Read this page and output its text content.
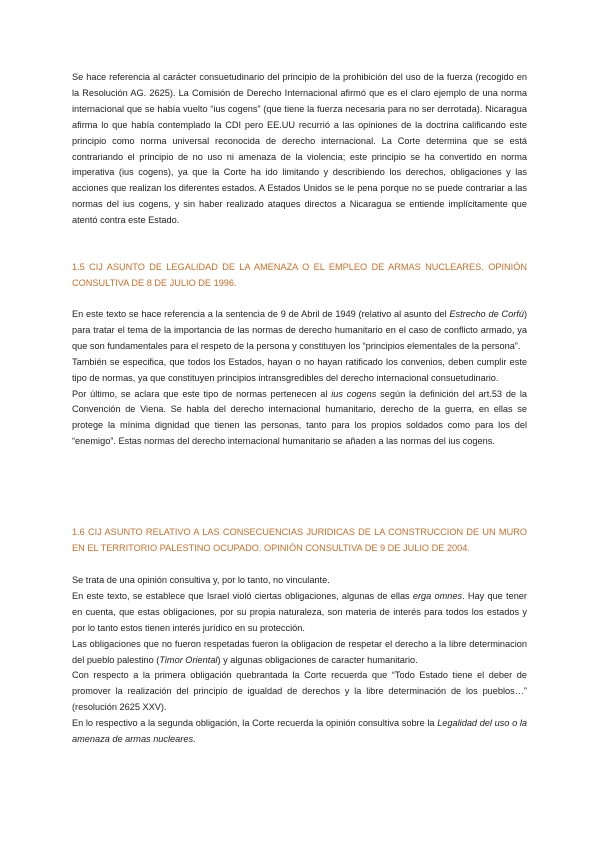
Se hace referencia al carácter consuetudinario del principio de la prohibición del uso de la fuerza (recogido en la Resolución AG. 2625). La Comisión de Derecho Internacional afirmó que es el claro ejemplo de una norma internacional que se había vuelto “ius cogens” (que tiene la fuerza necesaria para no ser derrotada). Nicaragua afirma lo que había contemplado la CDI pero EE.UU recurrió a las opiniones de la doctrina calificando este principio como norma universal reconocida de derecho internacional. La Corte determina que se está contrariando el principio de no uso ni amenaza de la violencia; este principio se ha convertido en norma imperativa (ius cogens), ya que la Corte ha ido limitando y describiendo los derechos, obligaciones y las acciones que realizan los diferentes estados. A Estados Unidos se le pena porque no se puede contrariar a las normas del ius cogens, y sin haber realizado ataques directos a Nicaragua se entiende implícitamente que atentó contra este Estado.

1.5 CIJ ASUNTO DE LEGALIDAD DE LA AMENAZA O EL EMPLEO DE ARMAS NUCLEARES. OPINIÓN CONSULTIVA DE 8 DE JULIO DE 1996.

En este texto se hace referencia a la sentencia de 9 de Abril de 1949 (relativo al asunto del Estrecho de Corfú) para tratar el tema de la importancia de las normas de derecho humanitario en el caso de conflicto armado, ya que son fundamentales para el respeto de la persona y constituyen los “principios elementales de la persona”.

También se especifica, que todos los Estados, hayan o no hayan ratificado los convenios, deben cumplir este tipo de normas, ya que constituyen principios intransgredibles del derecho internacional consuetudinario.

Por último, se aclara que este tipo de normas pertenecen al ius cogens según la definición del art.53 de la Convención de Viena. Se habla del derecho internacional humanitario, derecho de la guerra, en ellas se protege la mínima dignidad que tienen las personas, tanto para los propios soldados como para los del “enemigo”. Estas normas del derecho internacional humanitario se añaden a las normas del ius cogens.

1.6 CIJ ASUNTO RELATIVO A LAS CONSECUENCIAS JURIDICAS DE LA CONSTRUCCION DE UN MURO EN EL TERRITORIO PALESTINO OCUPADO. OPINIÓN CONSULTIVA DE 9 DE JULIO DE 2004.

Se trata de una opinión consultiva y, por lo tanto, no vinculante.

En este texto, se establece que Israel violó ciertas obligaciones, algunas de ellas erga omnes. Hay que tener en cuenta, que estas obligaciones, por su propia naturaleza, son materia de interés para todos los estados y por lo tanto estos tienen interés jurídico en su protección.

Las obligaciones que no fueron respetadas fueron la obligacion de respetar el derecho a la libre determinacion del pueblo palestino (Timor Oriental) y algunas obligaciones de caracter humanitario.

Con respecto a la primera obligación quebrantada la Corte recuerda que “Todo Estado tiene el deber de promover la realización del principio de igualdad de derechos y la libre determinación de los pueblos…” (resolución 2625 XXV).

En lo respectivo a la segunda obligación, la Corte recuerda la opinión consultiva sobre la Legalidad del uso o la amenaza de armas nucleares.
